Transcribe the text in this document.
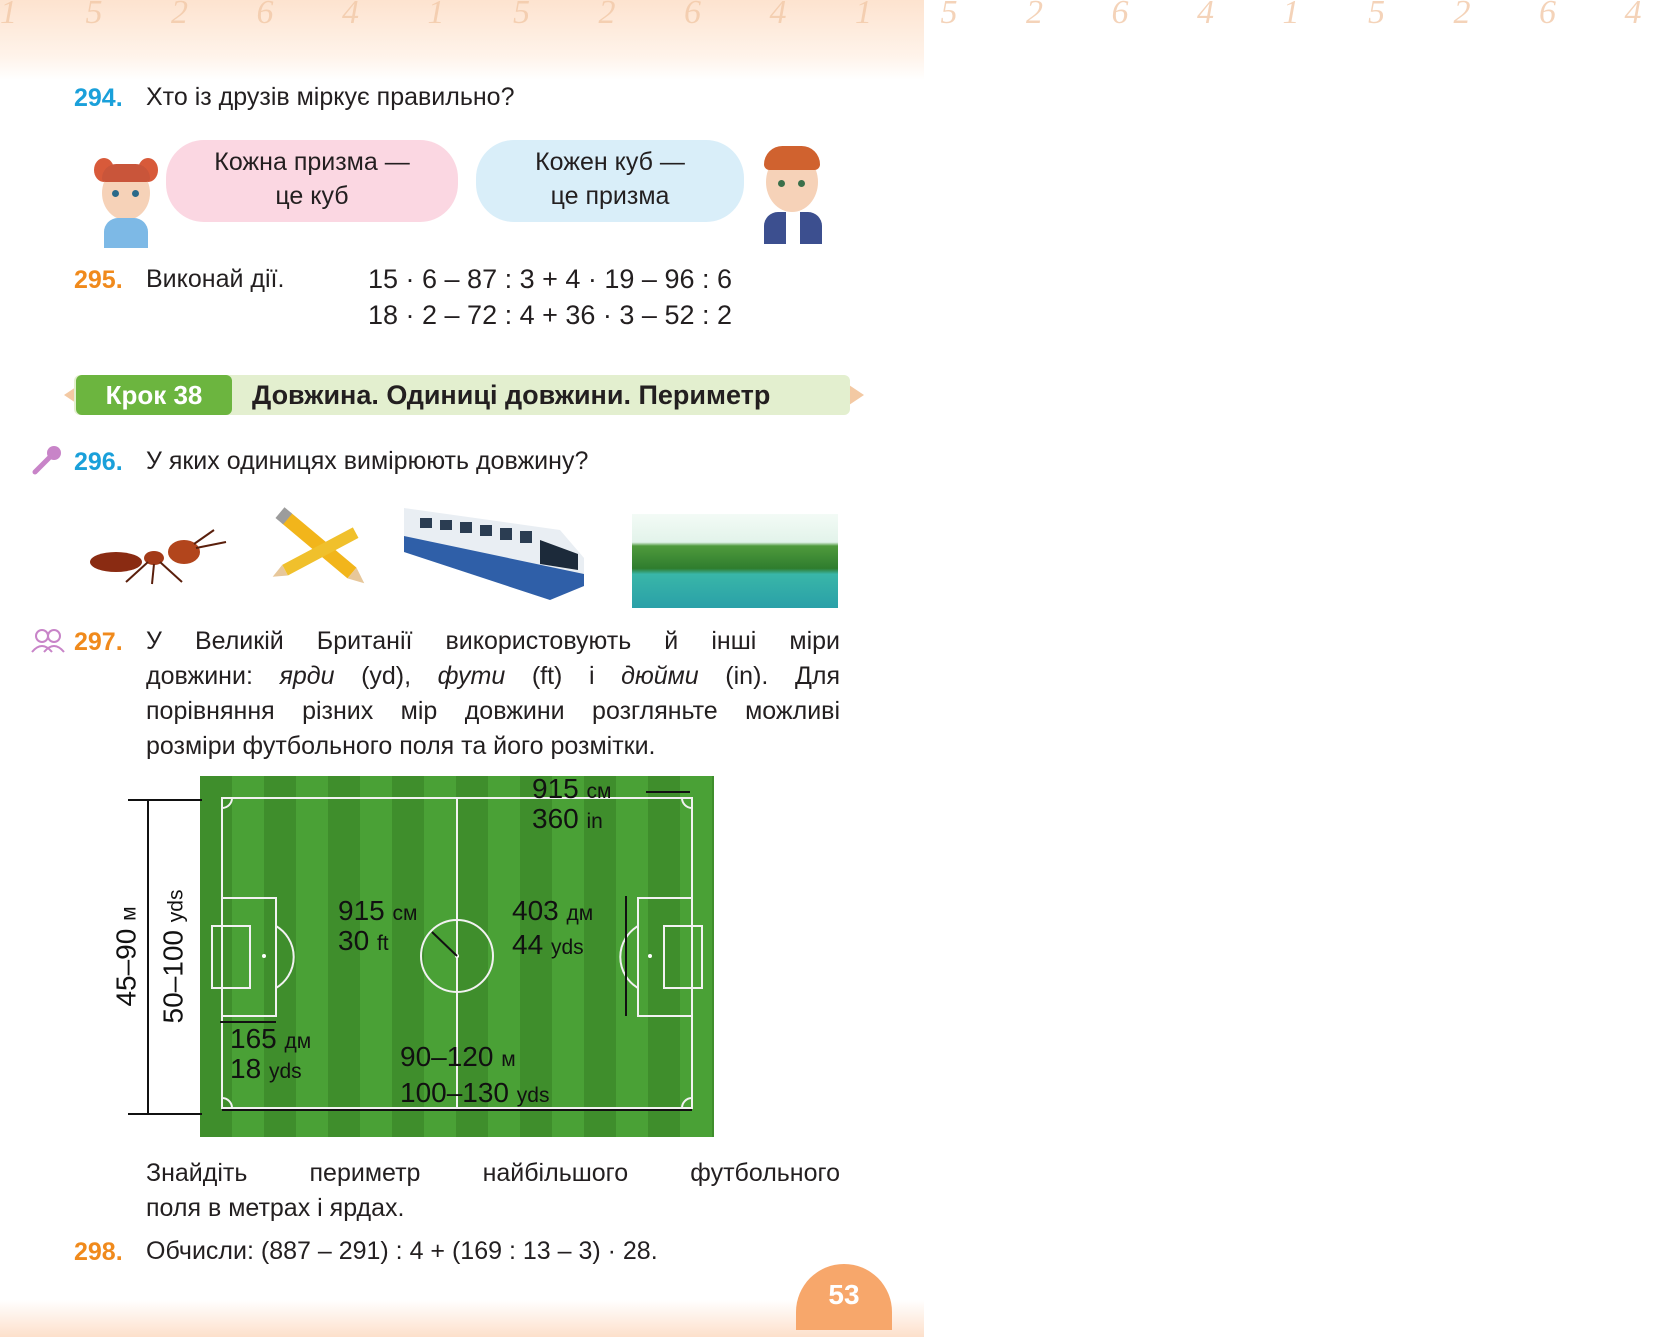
1 5 2 6 4 1 5 2 6 4 1 5 2 6 4 1 5 2 6 4
294. Хто із друзів міркує правильно?
Кожна призма —
це куб
Кожен куб —
це призма
295. Виконай дії.	15 · 6 – 87 : 3 + 4 · 19 – 96 : 6
18 · 2 – 72 : 4 + 36 · 3 – 52 : 2
Крок 38	Довжина. Одиниці довжини. Периметр
296. У яких одиницях вимірюють довжину?
297. У Великій Британії використовують й інші міри
довжини: ярди (yd), фути (ft) і дюйми (in). Для
порівняння різних мір довжини розгляньте можливі
розміри футбольного поля та його розмітки.
915 см
360 in
915 см
30 ft
403 дм
44 yds
165 дм
18 yds	90–120 м
100–130 yds
45–90 м
50–100 yds
Знайдіть периметр найбільшого футбольного
поля в метрах і ярдах.
298. Обчисли: (887 – 291) : 4 + (169 : 13 – 3) · 28.
53
